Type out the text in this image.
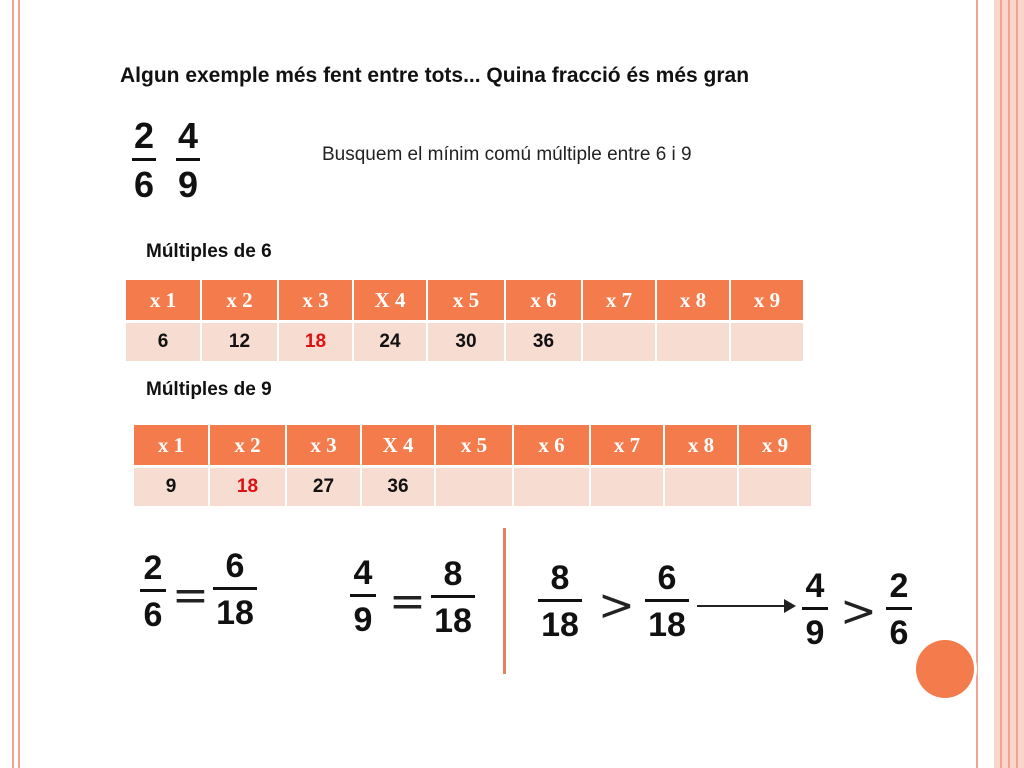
Algun exemple més fent entre tots... Quina fracció és més gran
2
6
4
9
Busquem el mínim comú múltiple entre 6 i 9
Múltiples de 6
x 1	x 2	x 3	X 4	x 5	x 6	x 7	x 8	x 9

6	12	18	24	30	36			
Múltiples de 9
x 1	x 2	x 3	X 4	x 5	x 6	x 7	x 8	x 9

9	18	27	36					
2
6 =
6
18
4
9 =
8
18
8
18 >
6
18
4
9 > 2
6
